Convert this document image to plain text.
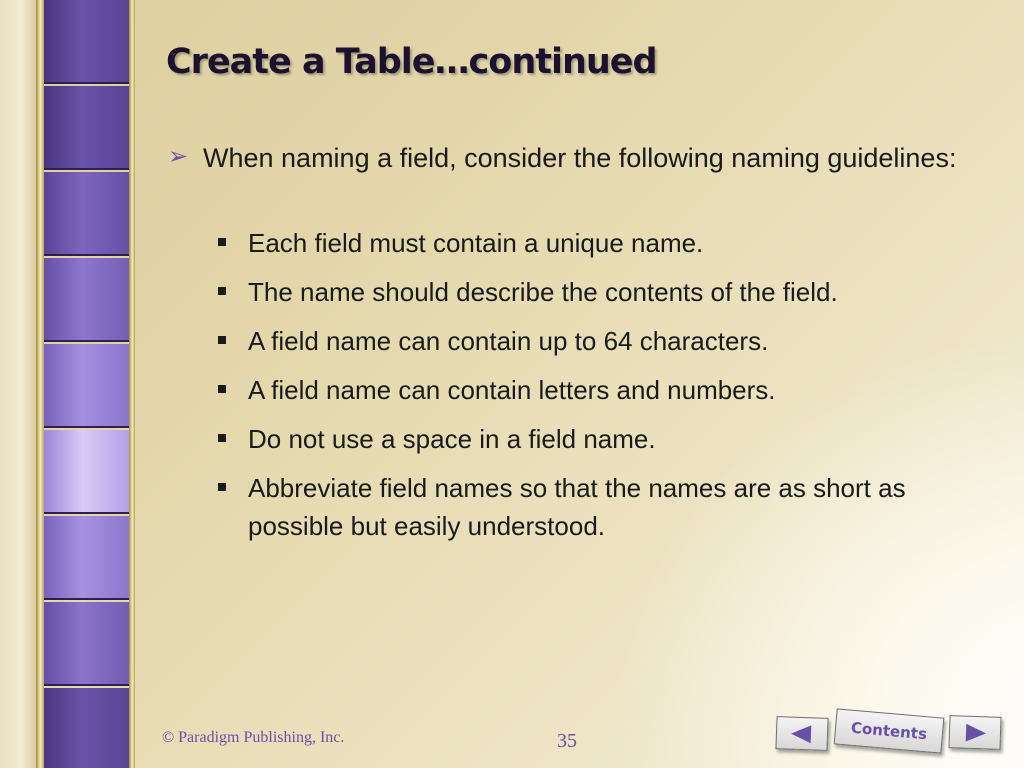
Create a Table…continued
➢ When naming a field, consider the following naming guidelines:
Each field must contain a unique name.
The name should describe the contents of the field.
A field name can contain up to 64 characters.
A field name can contain letters and numbers.
Do not use a space in a field name.
Abbreviate field names so that the names are as short as possible but easily understood.
© Paradigm Publishing, Inc.	35	Contents
